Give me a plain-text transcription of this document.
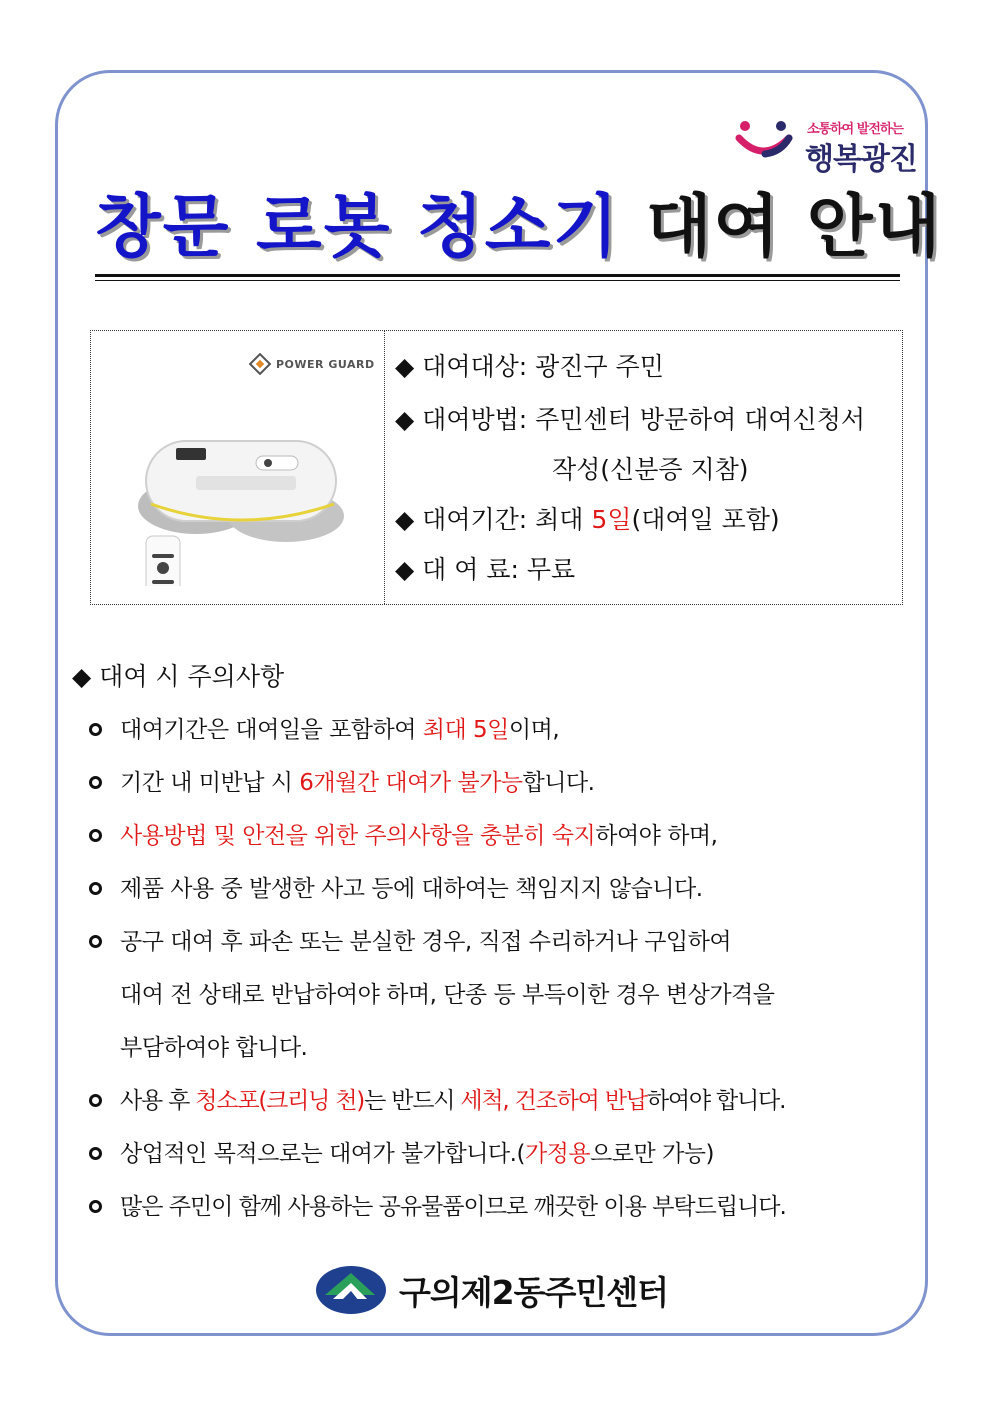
소통하여 발전하는
행복광진
창문 로봇 청소기 대여 안내
POWER GUARD ◆ 대여대상: 광진구 주민
◆ 대여방법: 주민센터 방문하여 대여신청서
작성(신분증 지참)
◆ 대여기간: 최대 5일(대여일 포함)
◆ 대 여 료: 무료
◆ 대여 시 주의사항
대여기간은 대여일을 포함하여 최대 5일이며,
기간 내 미반납 시 6개월간 대여가 불가능합니다.
사용방법 및 안전을 위한 주의사항을 충분히 숙지하여야 하며,
제품 사용 중 발생한 사고 등에 대하여는 책임지지 않습니다.
공구 대여 후 파손 또는 분실한 경우, 직접 수리하거나 구입하여
대여 전 상태로 반납하여야 하며, 단종 등 부득이한 경우 변상가격을
부담하여야 합니다.
사용 후 청소포(크리닝 천)는 반드시 세척, 건조하여 반납하여야 합니다.
상업적인 목적으로는 대여가 불가합니다.(가정용으로만 가능)
많은 주민이 함께 사용하는 공유물품이므로 깨끗한 이용 부탁드립니다.
구의제2동주민센터
